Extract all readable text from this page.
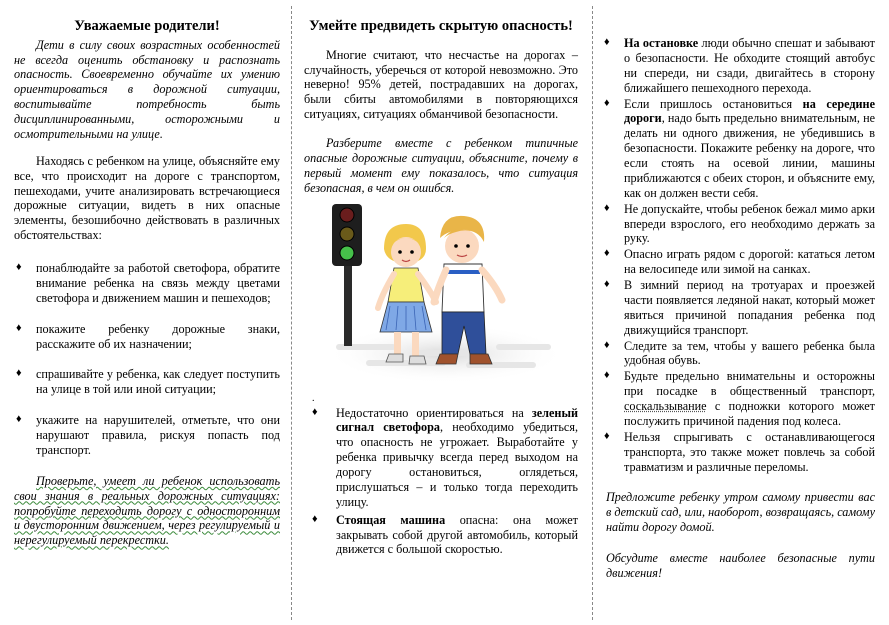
Уважаемые родители!

Дети в силу своих возрастных особенностей не всегда оценить обстановку и распознать опасность. Своевременно обучайте их умению ориентироваться в дорожной ситуации, воспитывайте потребность быть дисциплинированными, осторожными и осмотрительными на улице.

Находясь с ребенком на улице, объясняйте ему все, что происходит на дороге с транспортом, пешеходами, учите анализировать встречающиеся дорожные ситуации, видеть в них опасные элементы, безошибочно действовать в различных обстоятельствах:

♦ понаблюдайте за работой светофора, обратите внимание ребенка на связь между цветами светофора и движением машин и пешеходов;
♦ покажите ребенку дорожные знаки, расскажите об их назначении;
♦ спрашивайте у ребенка, как следует поступить на улице в той или иной ситуации;
♦ укажите на нарушителей, отметьте, что они нарушают правила, рискуя попасть под транспорт.

Проверьте, умеет ли ребенок использовать свои знания в реальных дорожных ситуациях: попробуйте переходить дорогу с односторонним и двусторонним движением, через регулируемый и нерегулируемый перекрестки.

Умейте предвидеть скрытую опасность!

Многие считают, что несчастье на дорогах – случайность, уберечься от которой невозможно. Это неверно! 95% детей, пострадавших на дорогах, были сбиты автомобилями в повторяющихся ситуациях, ситуациях обманчивой безопасности.

Разберите вместе с ребенком типичные опасные дорожные ситуации, объясните, почему в первый момент ему показалось, что ситуация безопасная, в чем он ошибся.

.
♦ Недостаточно ориентироваться на зеленый сигнал светофора, необходимо убедиться, что опасность не угрожает. Выработайте у ребенка привычку всегда перед выходом на дорогу остановиться, оглядеться, прислушаться – и только тогда переходить улицу.
♦ Стоящая машина опасна: она может закрывать собой другой автомобиль, который движется с большой скоростью.
♦ На остановке люди обычно спешат и забывают о безопасности. Не обходите стоящий автобус ни спереди, ни сзади, двигайтесь в сторону ближайшего пешеходного перехода.
♦ Если пришлось остановиться на середине дороги, надо быть предельно внимательным, не делать ни одного движения, не убедившись в безопасности. Покажите ребенку на дороге, что если стоять на осевой линии, машины приближаются с обеих сторон, и объясните ему, как он должен вести себя.
♦ Не допускайте, чтобы ребенок бежал мимо арки впереди взрослого, его необходимо держать за руку.
♦ Опасно играть рядом с дорогой: кататься летом на велосипеде или зимой на санках.
♦ В зимний период на тротуарах и проезжей части появляется ледяной накат, который может явиться причиной попадания ребенка под движущийся транспорт.
♦ Следите за тем, чтобы у вашего ребенка была удобная обувь.
♦ Будьте предельно внимательны и осторожны при посадке в общественный транспорт, соскальзывание с подножки которого может послужить причиной падения под колеса.
♦ Нельзя спрыгивать с останавливающегося транспорта, это также может повлечь за собой травматизм и различные переломы.

Предложите ребенку утром самому привести вас в детский сад, или, наоборот, возвращаясь, самому найти дорогу домой.

Обсудите вместе наиболее безопасные пути движения!
